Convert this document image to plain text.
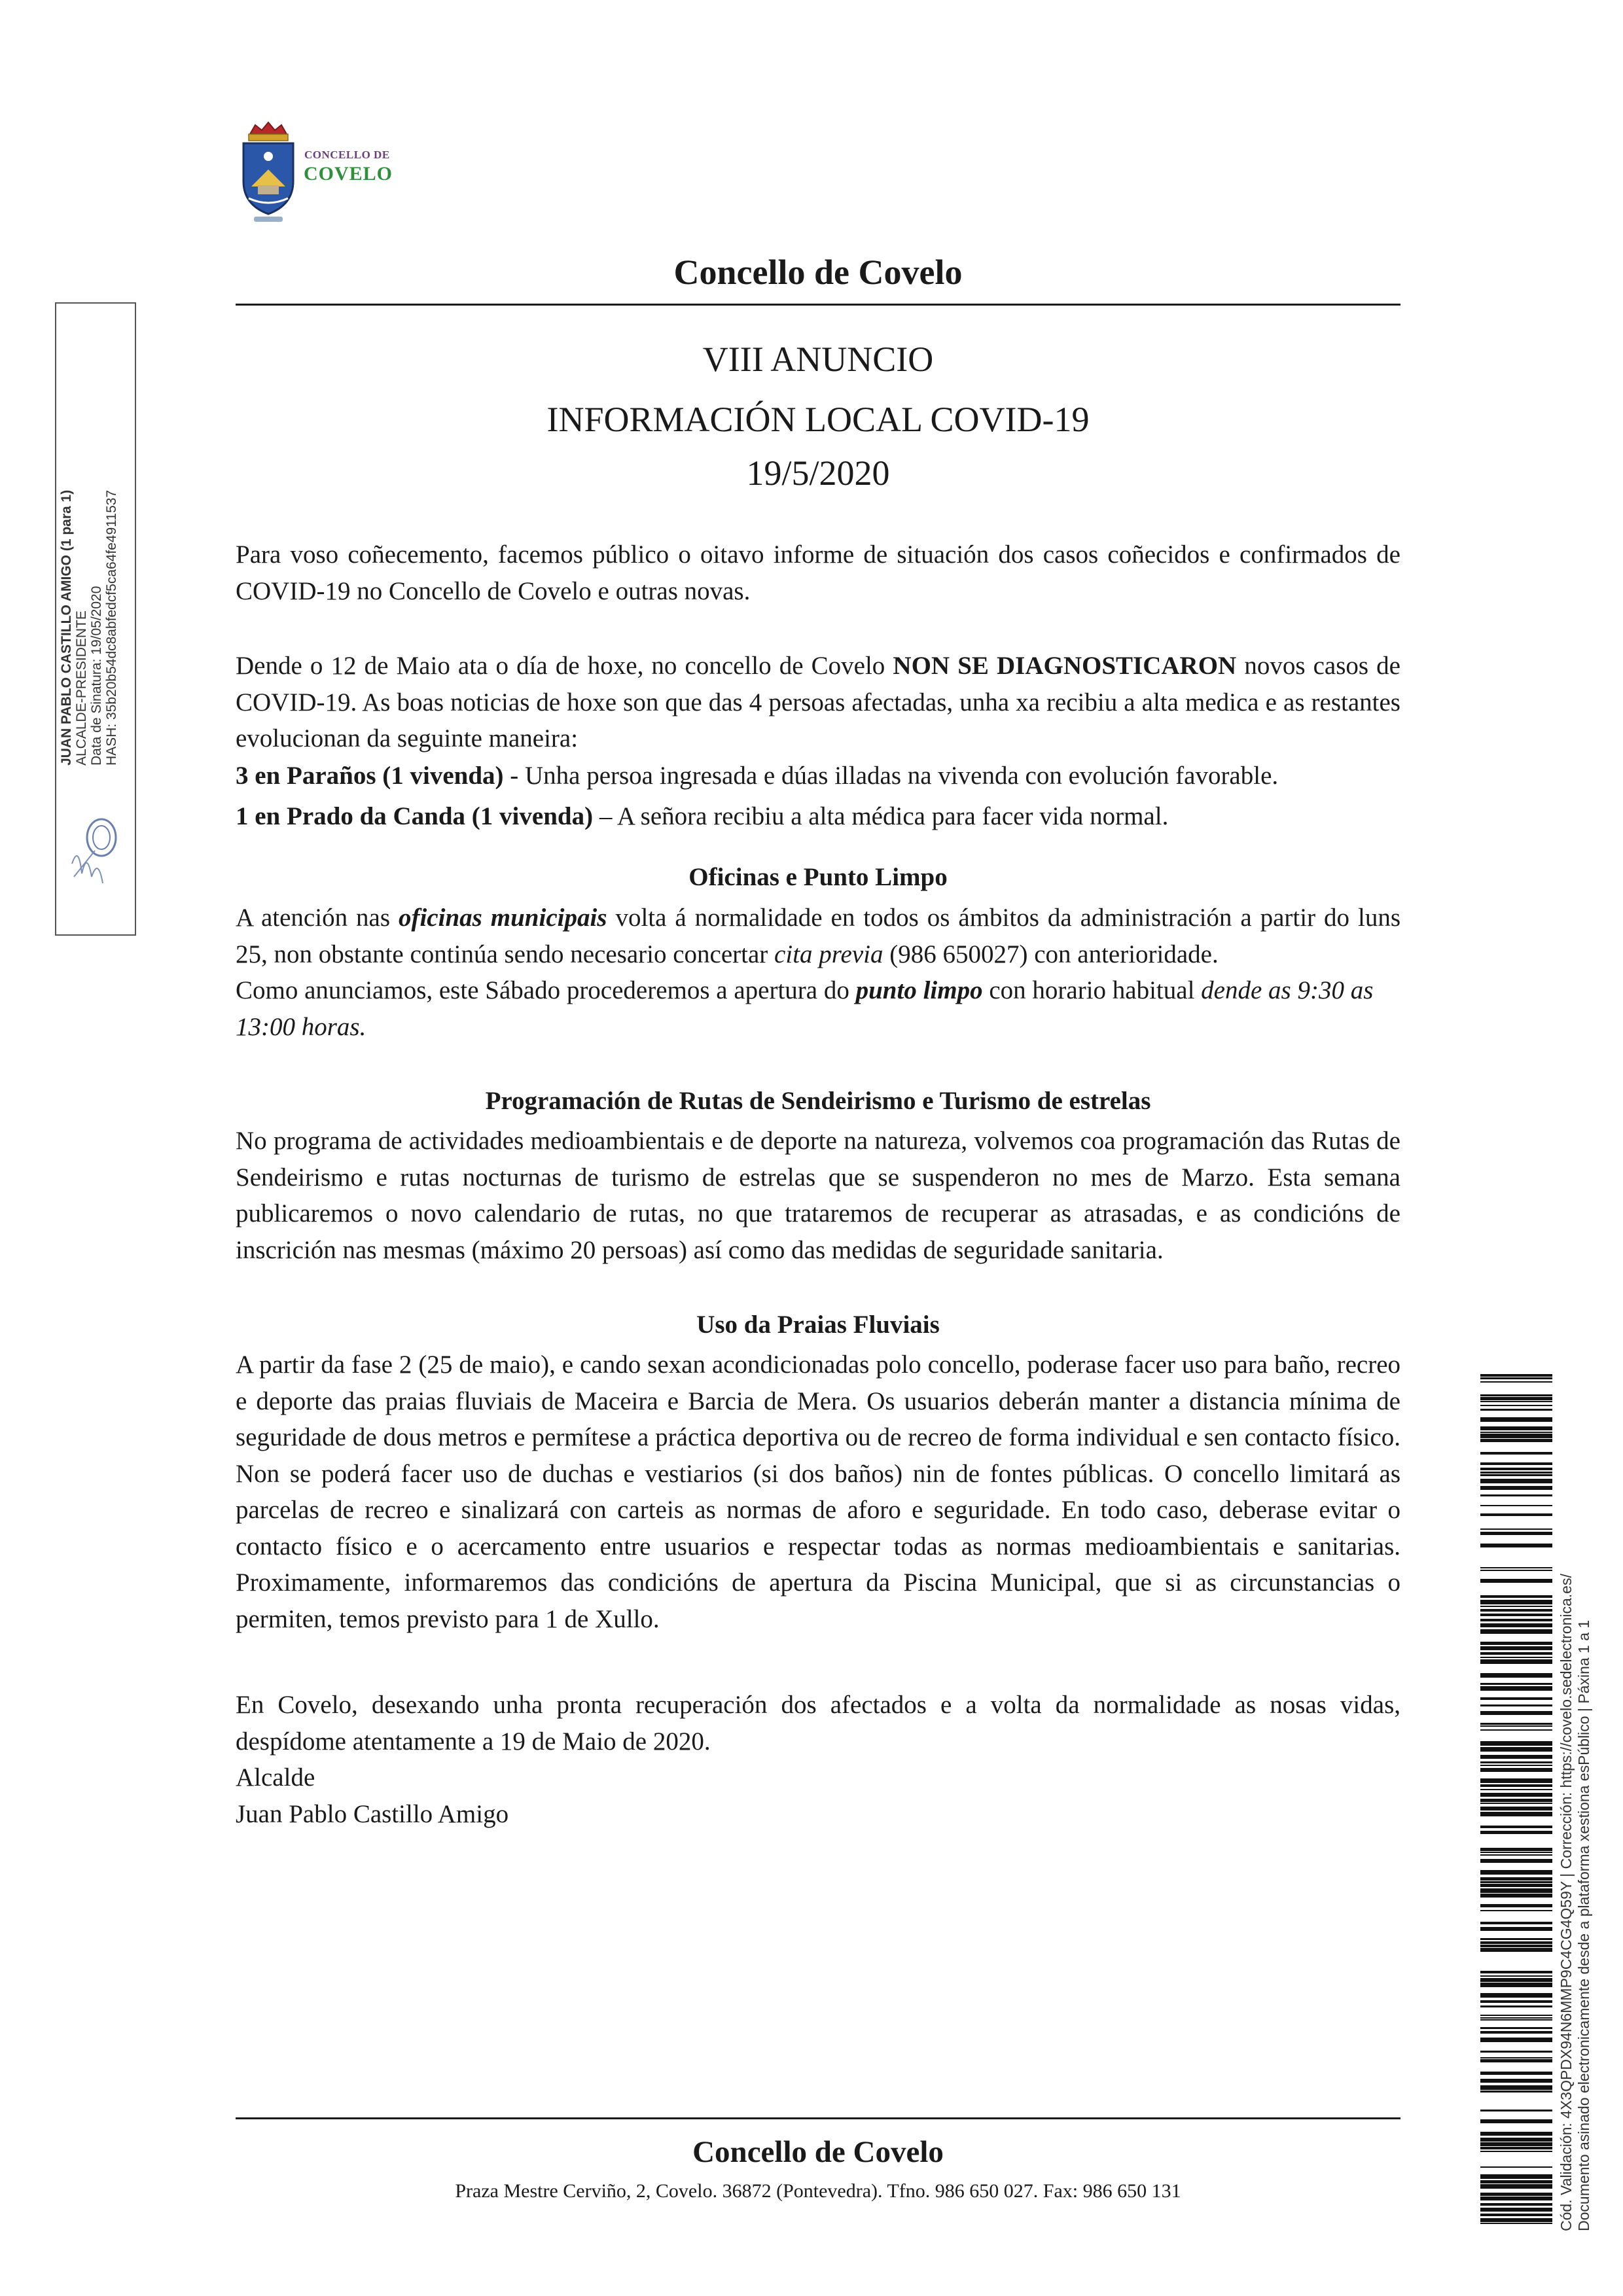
CONCELLO DE
COVELO
Concello de Covelo
VIII ANUNCIO
INFORMACIÓN LOCAL COVID-19
19/5/2020

Para voso coñecemento, facemos público o oitavo informe de situación dos casos coñecidos e confirmados de COVID-19 no Concello de Covelo e outras novas.

Dende o 12 de Maio ata o día de hoxe, no concello de Covelo NON SE DIAGNOSTICARON novos casos de COVID-19. As boas noticias de hoxe son que das 4 persoas afectadas, unha xa recibiu a alta medica e as restantes evolucionan da seguinte maneira:

3 en Paraños (1 vivenda) - Unha persoa ingresada e dúas illadas na vivenda con evolución favorable.
1 en Prado da Canda (1 vivenda) – A señora recibiu a alta médica para facer vida normal.
Oficinas e Punto Limpo

A atención nas oficinas municipais volta á normalidade en todos os ámbitos da administración a partir do luns 25, non obstante continúa sendo necesario concertar cita previa (986 650027) con anterioridade.

Como anunciamos, este Sábado procederemos a apertura do punto limpo con horario habitual dende as 9:30 as 13:00 horas.

Programación de Rutas de Sendeirismo e Turismo de estrelas

No programa de actividades medioambientais e de deporte na natureza, volvemos coa programación das Rutas de Sendeirismo e rutas nocturnas de turismo de estrelas que se suspenderon no mes de Marzo. Esta semana publicaremos o novo calendario de rutas, no que trataremos de recuperar as atrasadas, e as condicións de inscrición nas mesmas (máximo 20 persoas) así como das medidas de seguridade sanitaria.

Uso da Praias Fluviais

A partir da fase 2 (25 de maio), e cando sexan acondicionadas polo concello, poderase facer uso para baño, recreo e deporte das praias fluviais de Maceira e Barcia de Mera. Os usuarios deberán manter a distancia mínima de seguridade de dous metros e permítese a práctica deportiva ou de recreo de forma individual e sen contacto físico. Non se poderá facer uso de duchas e vestiarios (si dos baños) nin de fontes públicas. O concello limitará as parcelas de recreo e sinalizará con carteis as normas de aforo e seguridade. En todo caso, deberase evitar o contacto físico e o acercamento entre usuarios e respectar todas as normas medioambientais e sanitarias. Proximamente, informaremos das condicións de apertura da Piscina Municipal, que si as circunstancias o permiten, temos previsto para 1 de Xullo.

En Covelo, desexando unha pronta recuperación dos afectados e a volta da normalidade as nosas vidas, despídome atentamente a 19 de Maio de 2020.

Alcalde

Juan Pablo Castillo Amigo

Concello de Covelo
Praza Mestre Cerviño, 2, Covelo. 36872 (Pontevedra). Tfno. 986 650 027. Fax: 986 650 131
JUAN PABLO CASTILLO AMIGO (1 para 1) ALCALDE-PRESIDENTE Data de Sinatura: 19/05/2020 HASH: 35b20b54dc8abfedcf5ca64fe4911537
Cód. Validación: 4X3QPDX94N6MMP9C4CG4Q59Y | Corrección: https://covelo.sedelectronica.es/ Documento asinado electronicamente desde a plataforma xestiona esPúblico | Páxina 1 a 1
